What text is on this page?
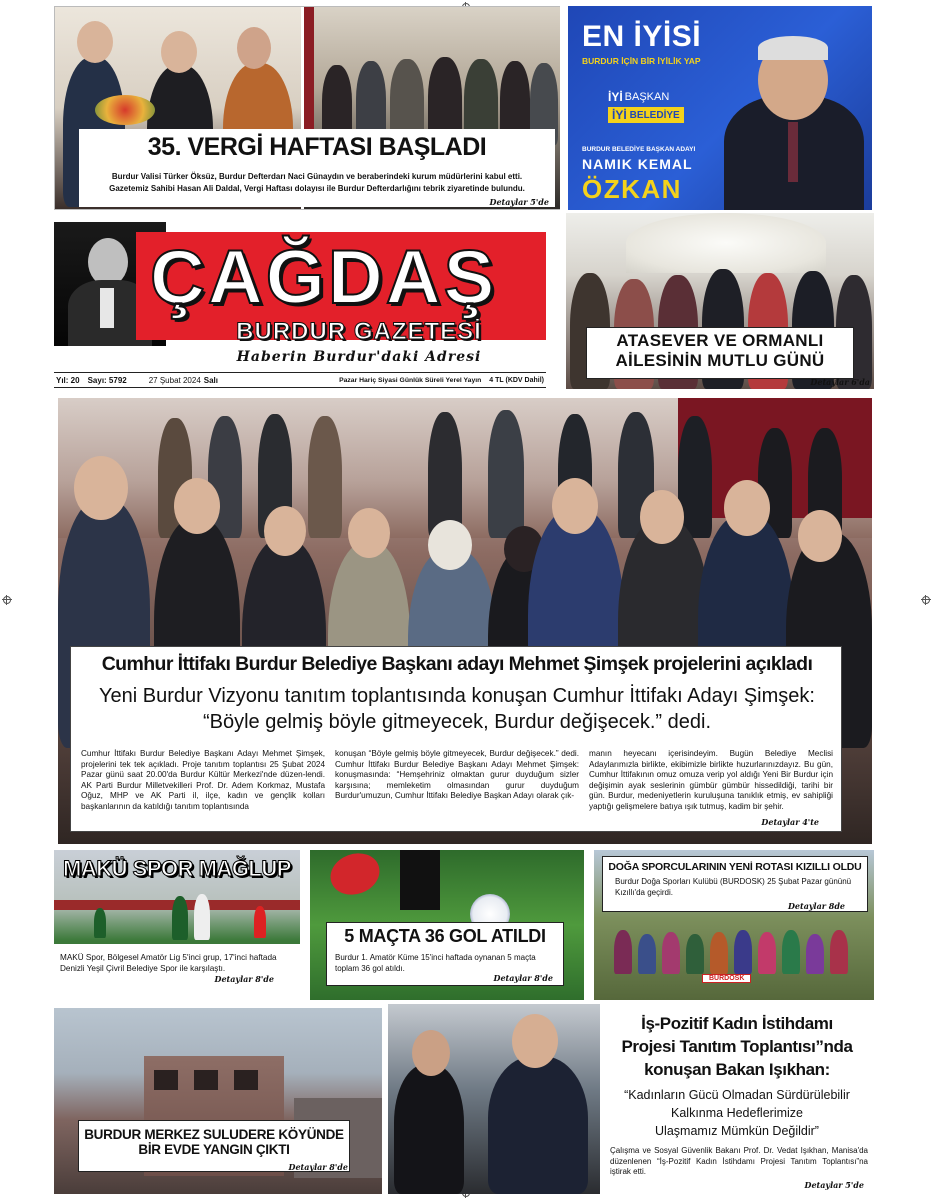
35. VERGİ HAFTASI BAŞLADI
Burdur Valisi Türker Öksüz, Burdur Defterdarı Naci Günaydın ve beraberindeki kurum müdürlerini kabul etti.
Gazetemiz Sahibi Hasan Ali Daldal, Vergi Haftası dolayısı ile Burdur Defterdarlığını tebrik ziyaretinde bulundu.
Detaylar 5'de
EN İYİSİ
BURDUR İÇİN BİR İYİLİK YAP
İYİ BAŞKAN
İYİ BELEDİYE
BURDUR BELEDİYE BAŞKAN ADAYI
NAMIK KEMAL
ÖZKAN
ÇAĞDAŞ
BURDUR GAZETESİ
Haberin Burdur'daki Adresi
Yıl: 20 Sayı: 5792	27 Şubat 2024 Salı	Pazar Hariç Siyasi Günlük Süreli Yerel Yayın 4 TL (KDV Dahil)
ATASEVER VE ORMANLI
AİLESİNİN MUTLU GÜNÜ
Detaylar 6'da
Cumhur İttifakı Burdur Belediye Başkanı adayı Mehmet Şimşek projelerini açıkladı
Yeni Burdur Vizyonu tanıtım toplantısında konuşan Cumhur İttifakı Adayı Şimşek:
“Böyle gelmiş böyle gitmeyecek, Burdur değişecek.” dedi.
Cumhur İttifakı Burdur Belediye Başkanı Adayı Mehmet Şimşek, projelerini tek tek açıkladı. Proje tanıtım toplantısı 25 Şubat 2024 Pazar günü saat 20.00'da Burdur Kültür Merkezi'nde düzen-lendi. AK Parti Burdur Milletvekilleri Prof. Dr. Adem Korkmaz, Mustafa Oğuz, MHP ve AK Parti il, ilçe, kadın ve gençlik kolları başkanlarının da katıldığı tanıtım toplantısında
konuşan “Böyle gelmiş böyle gitmeyecek, Burdur değişecek.” dedi. Cumhur İttifakı Burdur Belediye Başkanı Adayı Mehmet Şimşek: konuşmasında: “Hemşehriniz olmaktan gurur duyduğum sizler karşısına; memleketim olmasından gurur duyduğum Burdur'umuzun, Cumhur İttifakı Belediye Başkan Adayı olarak çık-
manın heyecanı içerisindeyim. Bugün Belediye Meclisi Adaylarımızla birlikte, ekibimizle birlikte huzurlarınızdayız. Bu gün, Cumhur İttifakının omuz omuza verip yol aldığı Yeni Bir Burdur için değişimin ayak seslerinin gümbür gümbür hissedildiği, tarihi bir gün. Burdur, medeniyetlerin kuruluşuna tanıklık etmiş, ev sahipliği yaptığı gelişmelere batıya ışık tutmuş, kadim bir şehir.
Detaylar 4'te
MAKÜ SPOR MAĞLUP
MAKÜ Spor, Bölgesel Amatör Lig 5'inci grup, 17'inci haftada Denizli Yeşil Çivril Belediye Spor ile karşılaştı.
Detaylar 8'de
5 MAÇTA 36 GOL ATILDI
Burdur 1. Amatör Küme 15'inci haftada oynanan 5 maçta toplam 36 gol atıldı.
Detaylar 8'de
DOĞA SPORCULARININ YENİ ROTASI KIZILLI OLDU
Burdur Doğa Sporları Kulübü (BURDOSK) 25 Şubat Pazar gününü Kızıllı'da geçirdi.
Detaylar 8de
BURDOSK
BURDUR MERKEZ SULUDERE KÖYÜNDE
BİR EVDE YANGIN ÇIKTI
Detaylar 8'de
İş-Pozitif Kadın İstihdamı
Projesi Tanıtım Toplantısı”nda
konuşan Bakan Işıkhan:
“Kadınların Gücü Olmadan Sürdürülebilir
Kalkınma Hedeflerimize
Ulaşmamız Mümkün Değildir”
Çalışma ve Sosyal Güvenlik Bakanı Prof. Dr. Vedat Işıkhan, Manisa'da düzenlenen “İş-Pozitif Kadın İstihdamı Projesi Tanıtım Toplantısı”na iştirak etti.
Detaylar 5'de
